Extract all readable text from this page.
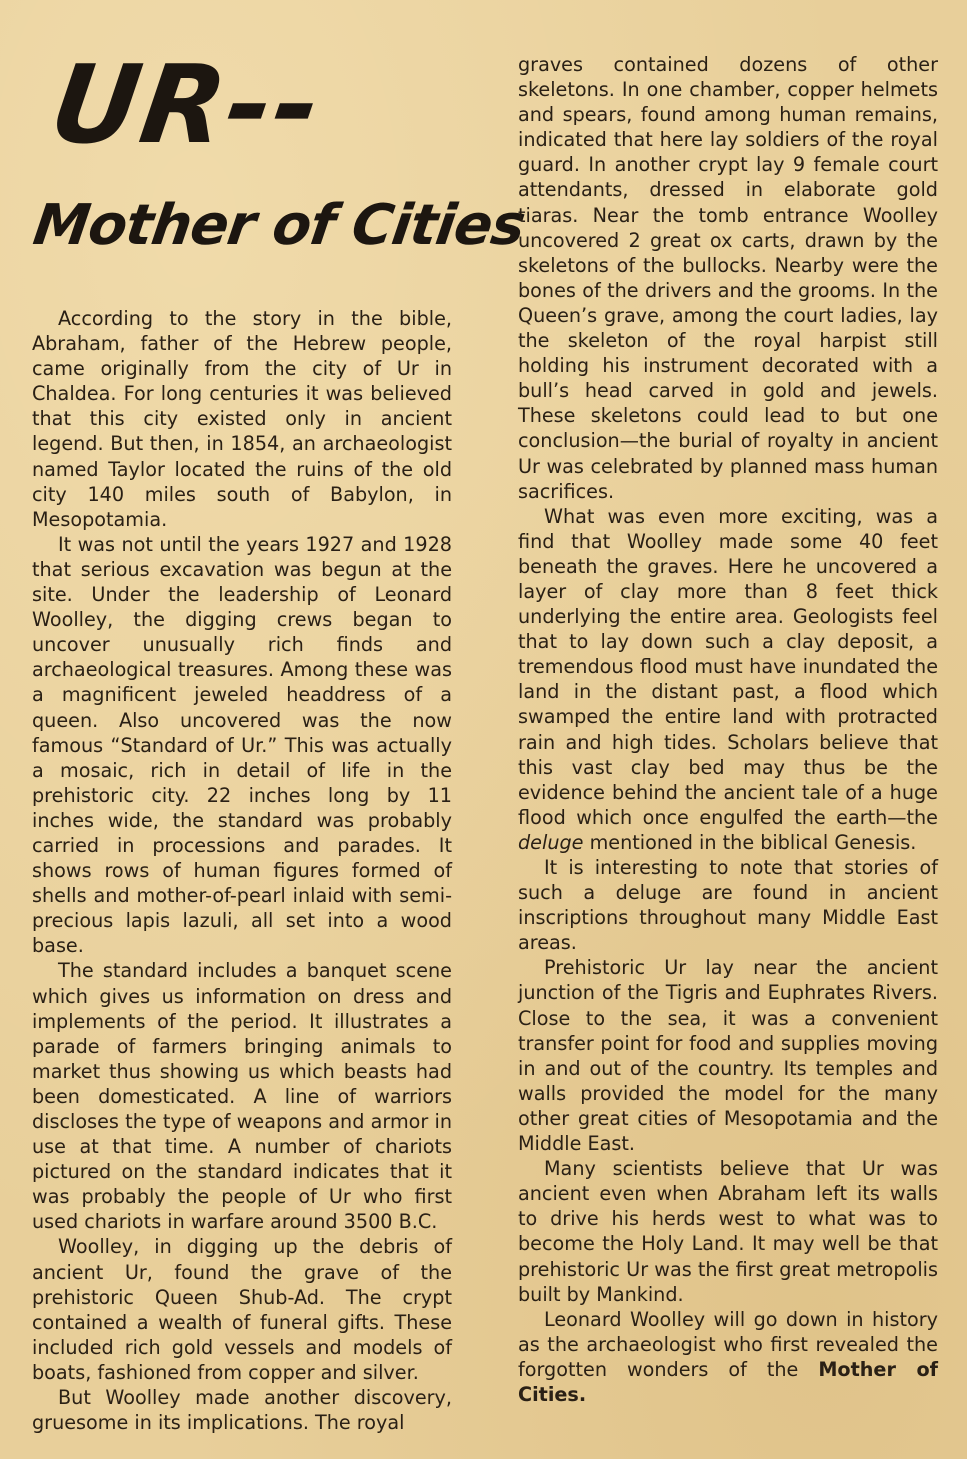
UR--
Mother of Cities

According to the story in the bible, Abraham, father of the Hebrew people, came originally from the city of Ur in Chaldea. For long centuries it was believed that this city existed only in ancient legend. But then, in 1854, an archaeologist named Taylor located the ruins of the old city 140 miles south of Babylon, in Mesopotamia.

It was not until the years 1927 and 1928 that serious excavation was begun at the site. Under the leadership of Leonard Woolley, the digging crews began to uncover unusually rich finds and archaeological treasures. Among these was a magnificent jeweled headdress of a queen. Also uncovered was the now famous “Standard of Ur.” This was actually a mosaic, rich in detail of life in the prehistoric city. 22 inches long by 11 inches wide, the standard was probably carried in processions and parades. It shows rows of human figures formed of shells and mother-of-pearl inlaid with semi-precious lapis lazuli, all set into a wood base.

The standard includes a banquet scene which gives us information on dress and implements of the period. It illustrates a parade of farmers bringing animals to market thus showing us which beasts had been domesticated. A line of warriors discloses the type of weapons and armor in use at that time. A number of chariots pictured on the standard indicates that it was probably the people of Ur who first used chariots in warfare around 3500 B.C.

Woolley, in digging up the debris of ancient Ur, found the grave of the prehistoric Queen Shub-Ad. The crypt contained a wealth of funeral gifts. These included rich gold vessels and models of boats, fashioned from copper and silver.

But Woolley made another discovery, gruesome in its implications. The royal

graves contained dozens of other skeletons. In one chamber, copper helmets and spears, found among human remains, indicated that here lay soldiers of the royal guard. In another crypt lay 9 female court attendants, dressed in elaborate gold tiaras. Near the tomb entrance Woolley uncovered 2 great ox carts, drawn by the skeletons of the bullocks. Nearby were the bones of the drivers and the grooms. In the Queen’s grave, among the court ladies, lay the skeleton of the royal harpist still holding his instrument decorated with a bull’s head carved in gold and jewels. These skeletons could lead to but one conclusion—the burial of royalty in ancient Ur was celebrated by planned mass human sacrifices.

What was even more exciting, was a find that Woolley made some 40 feet beneath the graves. Here he uncovered a layer of clay more than 8 feet thick underlying the entire area. Geologists feel that to lay down such a clay deposit, a tremendous flood must have inundated the land in the distant past, a flood which swamped the entire land with protracted rain and high tides. Scholars believe that this vast clay bed may thus be the evidence behind the ancient tale of a huge flood which once engulfed the earth—the deluge mentioned in the biblical Genesis.

It is interesting to note that stories of such a deluge are found in ancient inscriptions throughout many Middle East areas.

Prehistoric Ur lay near the ancient junction of the Tigris and Euphrates Rivers. Close to the sea, it was a convenient transfer point for food and supplies moving in and out of the country. Its temples and walls provided the model for the many other great cities of Mesopotamia and the Middle East.

Many scientists believe that Ur was ancient even when Abraham left its walls to drive his herds west to what was to become the Holy Land. It may well be that prehistoric Ur was the first great metropolis built by Mankind.

Leonard Woolley will go down in history as the archaeologist who first revealed the forgotten wonders of the Mother of Cities.
